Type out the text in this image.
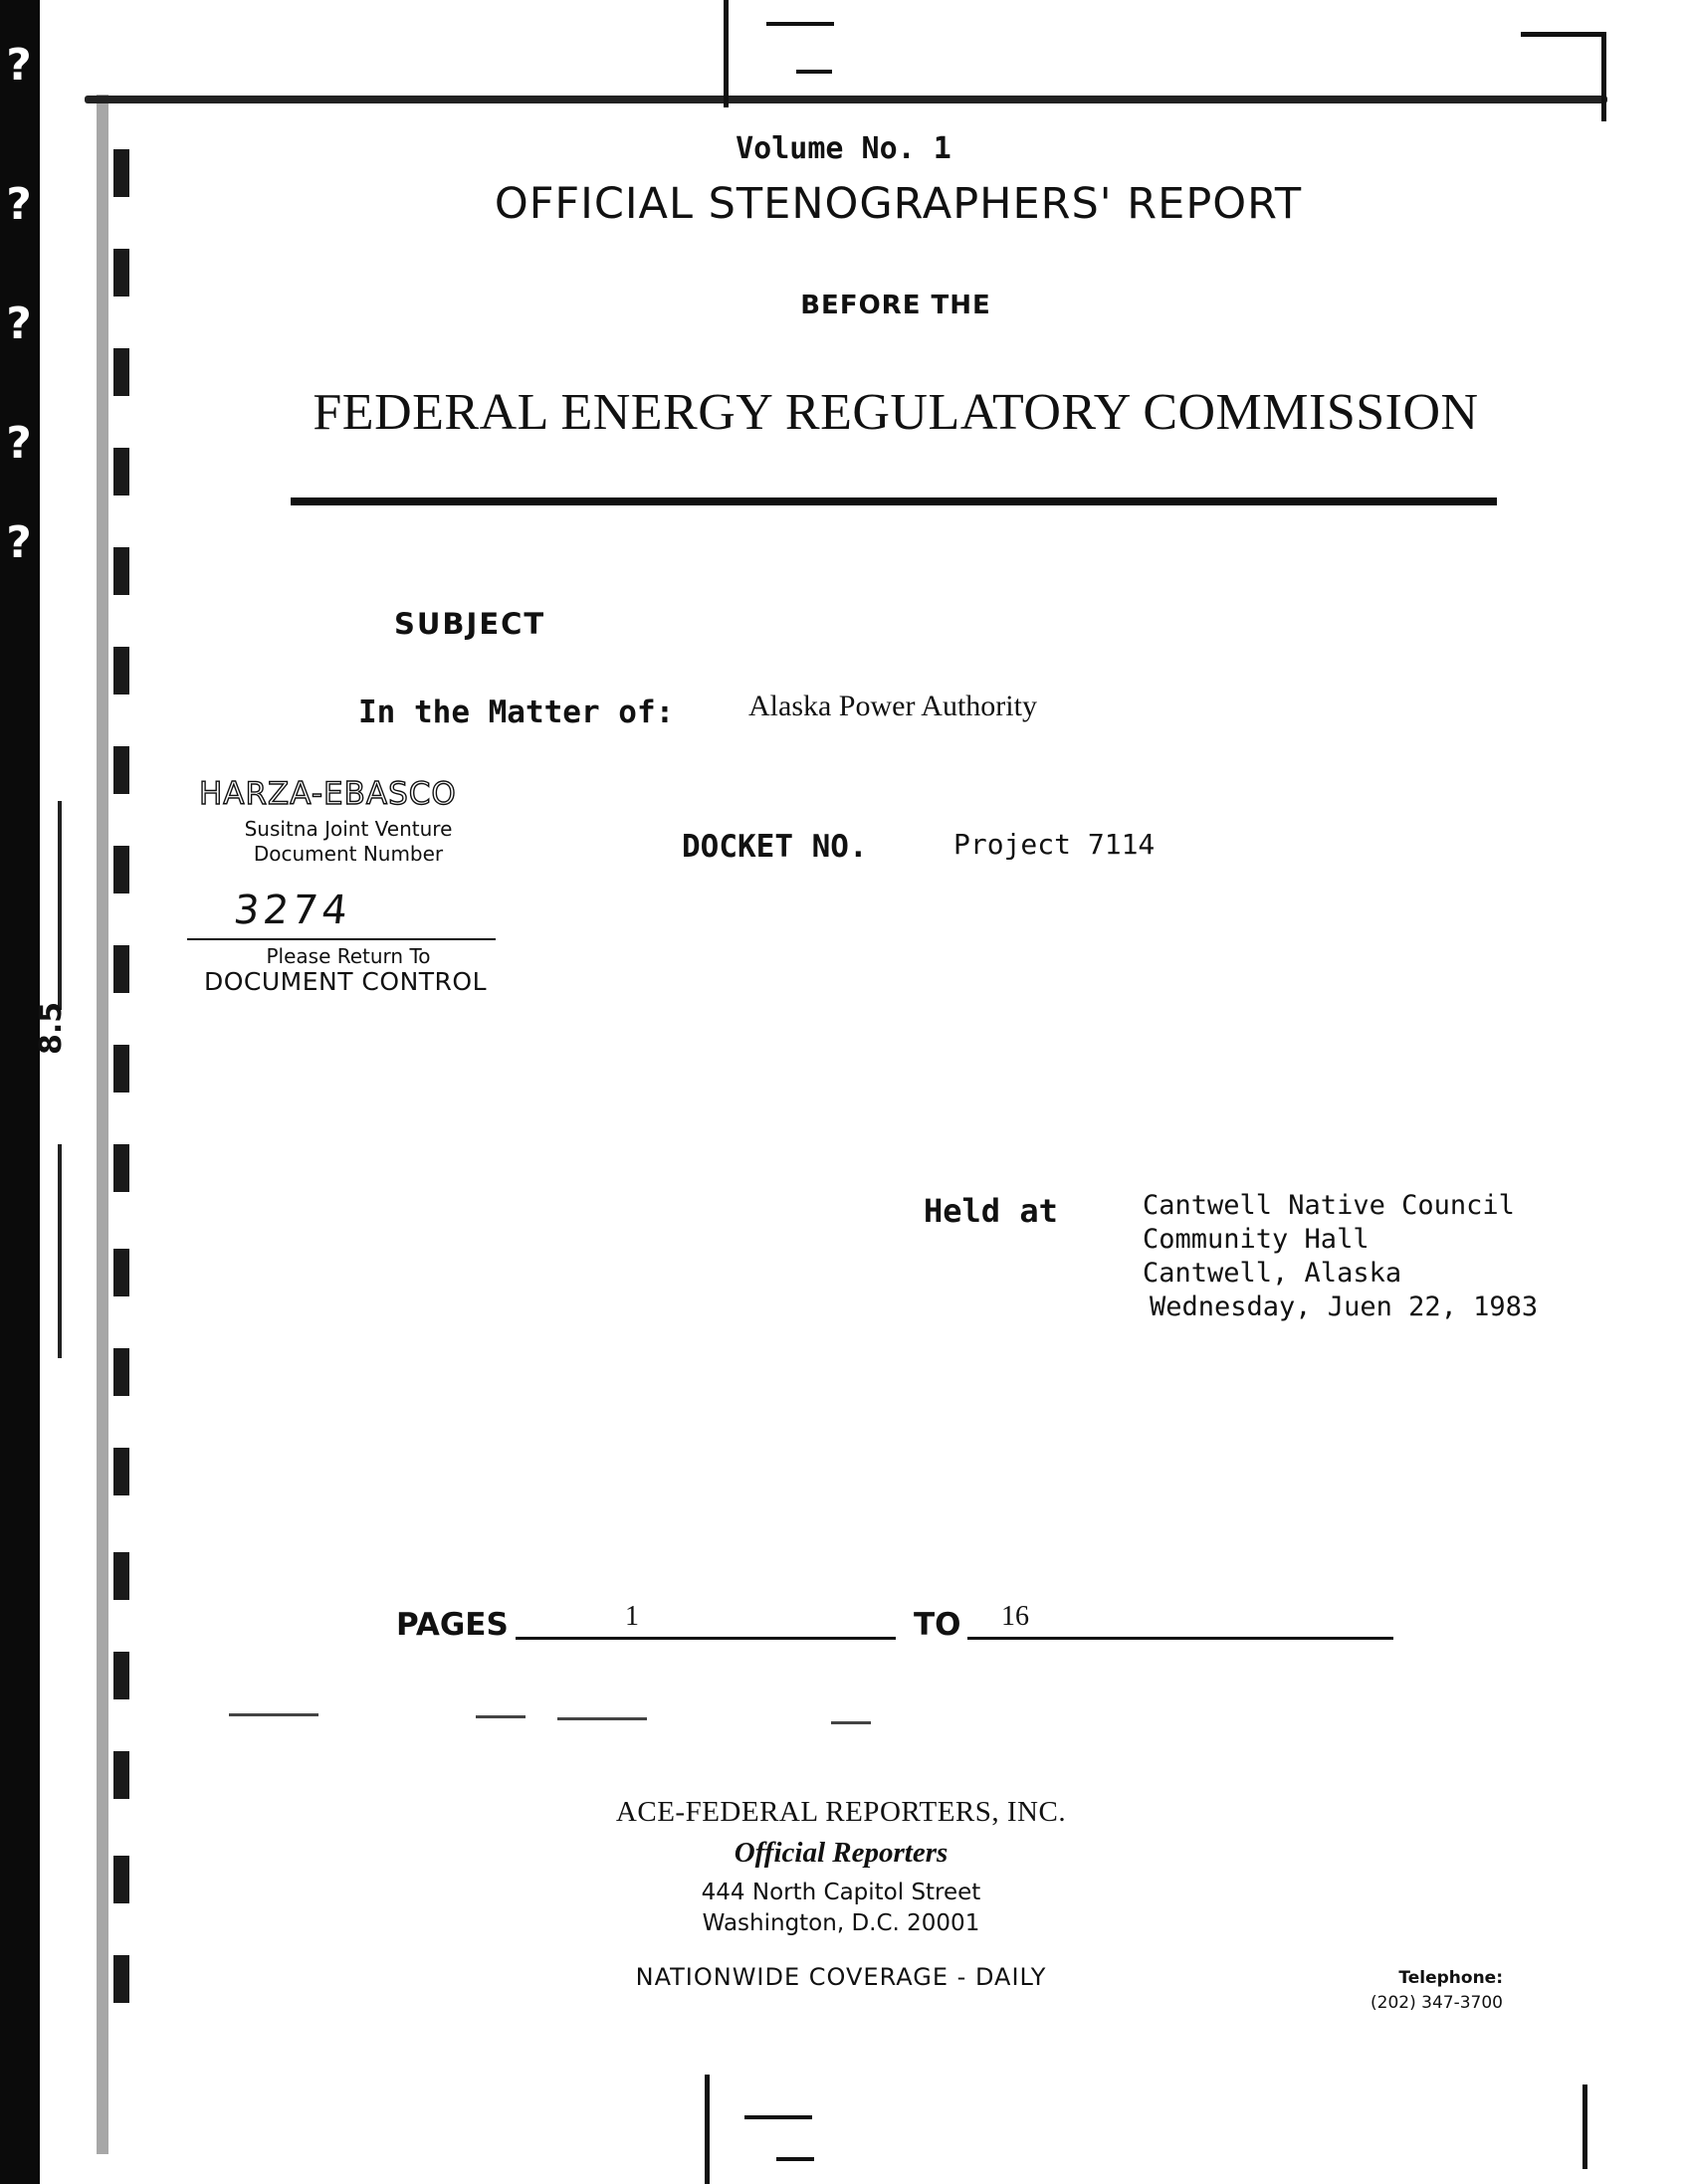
?
?
?
?
?
8.5
Volume No. 1
OFFICIAL STENOGRAPHERS' REPORT
BEFORE THE
FEDERAL ENERGY REGULATORY COMMISSION
SUBJECT
In the Matter of: Alaska Power Authority
HARZA-EBASCO
Susitna Joint Venture
Document Number
3274
Please Return To
DOCUMENT CONTROL
DOCKET NO.	Project 7114
Held at	Cantwell Native Council
Community Hall
Cantwell, Alaska
Wednesday, Juen 22, 1983
PAGES	1	TO 16
ACE-FEDERAL REPORTERS, INC.
Official Reporters
444 North Capitol Street
Washington, D.C. 20001
NATIONWIDE COVERAGE - DAILY	Telephone:
(202) 347-3700
